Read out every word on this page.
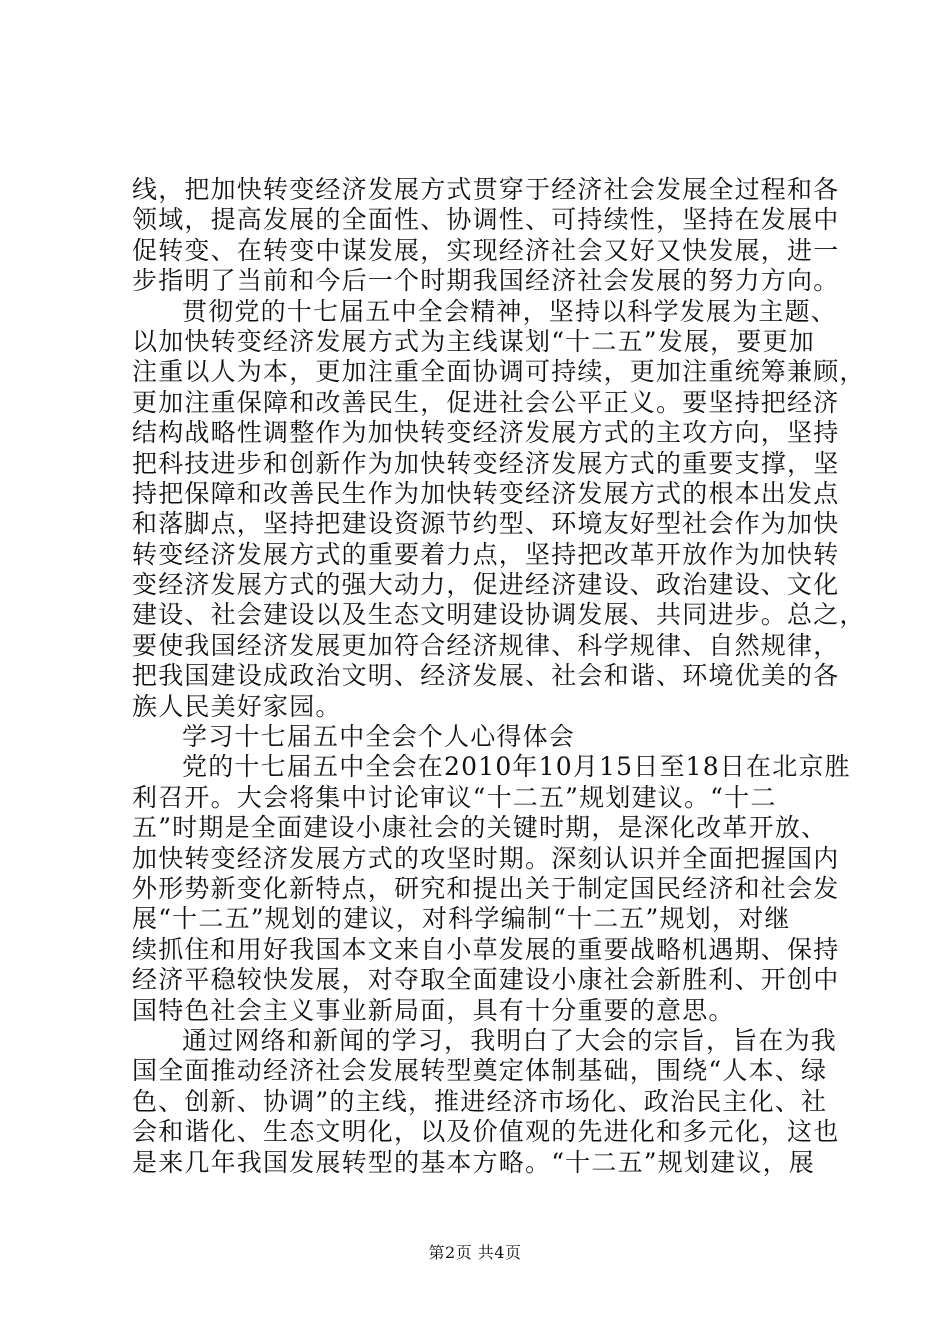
线，把加快转变经济发展方式贯穿于经济社会发展全过程和各
领域，提高发展的全面性、协调性、可持续性，坚持在发展中
促转变、在转变中谋发展，实现经济社会又好又快发展，进一
步指明了当前和今后一个时期我国经济社会发展的努力方向。
贯彻党的十七届五中全会精神，坚持以科学发展为主题、
以加快转变经济发展方式为主线谋划“十二五”发展，要更加
注重以人为本，更加注重全面协调可持续，更加注重统筹兼顾，
更加注重保障和改善民生，促进社会公平正义。要坚持把经济
结构战略性调整作为加快转变经济发展方式的主攻方向，坚持
把科技进步和创新作为加快转变经济发展方式的重要支撑，坚
持把保障和改善民生作为加快转变经济发展方式的根本出发点
和落脚点，坚持把建设资源节约型、环境友好型社会作为加快
转变经济发展方式的重要着力点，坚持把改革开放作为加快转
变经济发展方式的强大动力，促进经济建设、政治建设、文化
建设、社会建设以及生态文明建设协调发展、共同进步。总之，
要使我国经济发展更加符合经济规律、科学规律、自然规律，
把我国建设成政治文明、经济发展、社会和谐、环境优美的各
族人民美好家园。
学习十七届五中全会个人心得体会
党的十七届五中全会在2010年10月15日至18日在北京胜
利召开。大会将集中讨论审议“十二五”规划建议。“十二
五”时期是全面建设小康社会的关键时期，是深化改革开放、
加快转变经济发展方式的攻坚时期。深刻认识并全面把握国内
外形势新变化新特点，研究和提出关于制定国民经济和社会发
展“十二五”规划的建议，对科学编制“十二五”规划，对继
续抓住和用好我国本文来自小草发展的重要战略机遇期、保持
经济平稳较快发展，对夺取全面建设小康社会新胜利、开创中
国特色社会主义事业新局面，具有十分重要的意思。
通过网络和新闻的学习，我明白了大会的宗旨，旨在为我
国全面推动经济社会发展转型奠定体制基础，围绕“人本、绿
色、创新、协调”的主线，推进经济市场化、政治民主化、社
会和谐化、生态文明化，以及价值观的先进化和多元化，这也
是来几年我国发展转型的基本方略。“十二五”规划建议，展
第2页 共4页
